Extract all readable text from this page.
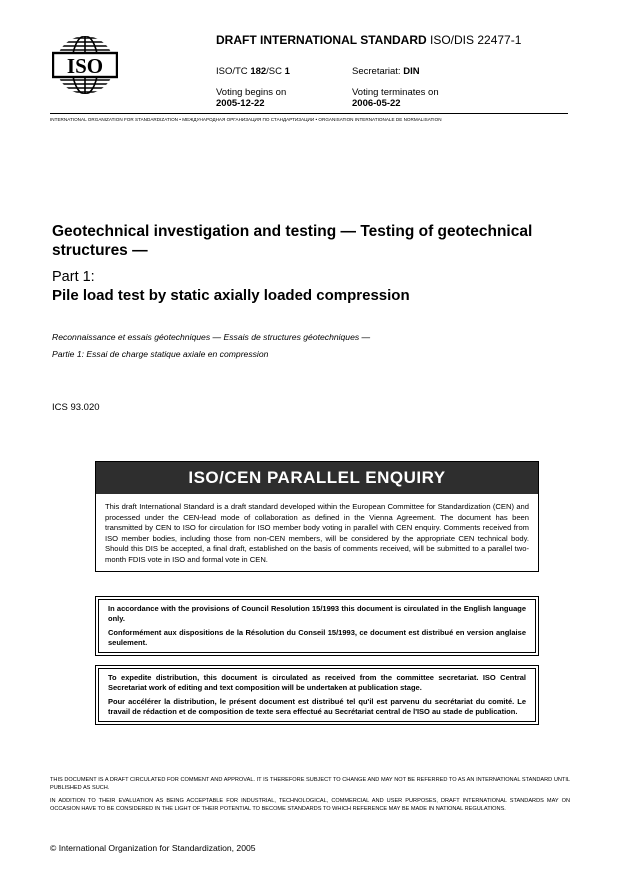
ISO
DRAFT INTERNATIONAL STANDARD ISO/DIS 22477-1
ISO/TC 182/SC 1	Secretariat: DIN
Voting begins on
2005-12-22
Voting terminates on
2006-05-22
INTERNATIONAL ORGANIZATION FOR STANDARDIZATION • МЕЖДУНАРОДНАЯ ОРГАНИЗАЦИЯ ПО СТАНДАРТИЗАЦИИ • ORGANISATION INTERNATIONALE DE NORMALISATION
Geotechnical investigation and testing — Testing of geotechnical structures —
Part 1:
Pile load test by static axially loaded compression
Reconnaissance et essais géotechniques — Essais de structures géotechniques —
Partie 1: Essai de charge statique axiale en compression
ICS 93.020
ISO/CEN PARALLEL ENQUIRY
This draft International Standard is a draft standard developed within the European Committee for Standardization (CEN) and processed under the CEN-lead mode of collaboration as defined in the Vienna Agreement. The document has been transmitted by CEN to ISO for circulation for ISO member body voting in parallel with CEN enquiry. Comments received from ISO member bodies, including those from non-CEN members, will be considered by the appropriate CEN technical body. Should this DIS be accepted, a final draft, established on the basis of comments received, will be submitted to a parallel two-month FDIS vote in ISO and formal vote in CEN.

In accordance with the provisions of Council Resolution 15/1993 this document is circulated in the English language only.

Conformément aux dispositions de la Résolution du Conseil 15/1993, ce document est distribué en version anglaise seulement.

To expedite distribution, this document is circulated as received from the committee secretariat. ISO Central Secretariat work of editing and text composition will be undertaken at publication stage.

Pour accélérer la distribution, le présent document est distribué tel qu'il est parvenu du secrétariat du comité. Le travail de rédaction et de composition de texte sera effectué au Secrétariat central de l'ISO au stade de publication.

THIS DOCUMENT IS A DRAFT CIRCULATED FOR COMMENT AND APPROVAL. IT IS THEREFORE SUBJECT TO CHANGE AND MAY NOT BE REFERRED TO AS AN INTERNATIONAL STANDARD UNTIL PUBLISHED AS SUCH.
IN ADDITION TO THEIR EVALUATION AS BEING ACCEPTABLE FOR INDUSTRIAL, TECHNOLOGICAL, COMMERCIAL AND USER PURPOSES, DRAFT INTERNATIONAL STANDARDS MAY ON OCCASION HAVE TO BE CONSIDERED IN THE LIGHT OF THEIR POTENTIAL TO BECOME STANDARDS TO WHICH REFERENCE MAY BE MADE IN NATIONAL REGULATIONS.
© International Organization for Standardization, 2005
